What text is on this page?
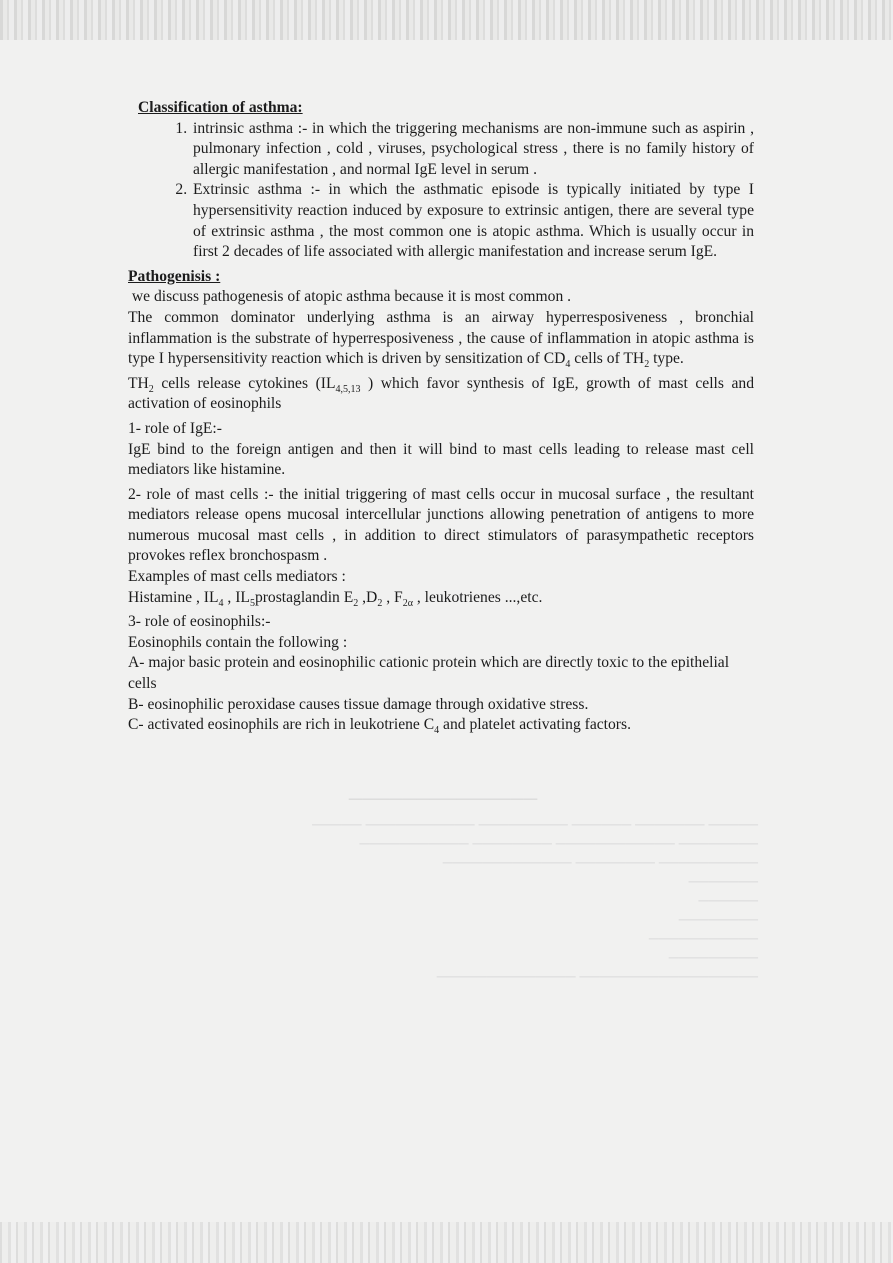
──────────────
───── ─────── ────── ───────── ─────────── ─────
──────── ──────────── ──────── ───────────
────────── ──────── ─────────────
───────
──────
────────
───────────
─────────
────────────────── ──────────────
Classification of asthma:
1. intrinsic asthma :- in which the triggering mechanisms are non-immune such as aspirin , pulmonary infection , cold , viruses, psychological stress , there is no family history of allergic manifestation , and normal IgE level in serum .
2. Extrinsic asthma :- in which the asthmatic episode is typically initiated by type I hypersensitivity reaction induced by exposure to extrinsic antigen, there are several type of extrinsic asthma , the most common one is atopic asthma. Which is usually occur in first 2 decades of life associated with allergic manifestation and increase serum IgE.
Pathogenisis :

we discuss pathogenesis of atopic asthma because it is most common .

The common dominator underlying asthma is an airway hyperresposiveness , bronchial inflammation is the substrate of hyperresposiveness , the cause of inflammation in atopic asthma is type I hypersensitivity reaction which is driven by sensitization of $CD_4$ cells of $TH_2$ type.

$TH_2$ cells release cytokines ($IL_{4,5,13}$ ) which favor synthesis of IgE, growth of mast cells and activation of eosinophils

1- role of IgE:-

IgE bind to the foreign antigen and then it will bind to mast cells leading to release mast cell mediators like histamine.

2- role of mast cells :- the initial triggering of mast cells occur in mucosal surface , the resultant mediators release opens mucosal intercellular junctions allowing penetration of antigens to more numerous mucosal mast cells , in addition to direct stimulators of parasympathetic receptors provokes reflex bronchospasm .

Examples of mast cells mediators :

Histamine , $IL_4$ , $IL_5prostaglandin$ $E_2$ $,D_2$ , $F_{2\alpha}$ , leukotrienes ...,etc.

3- role of eosinophils:-

Eosinophils contain the following :

A- major basic protein and eosinophilic cationic protein which are directly toxic to the epithelial cells

B- eosinophilic peroxidase causes tissue damage through oxidative stress.

C- activated eosinophils are rich in leukotriene $C_4$ and platelet activating factors.
